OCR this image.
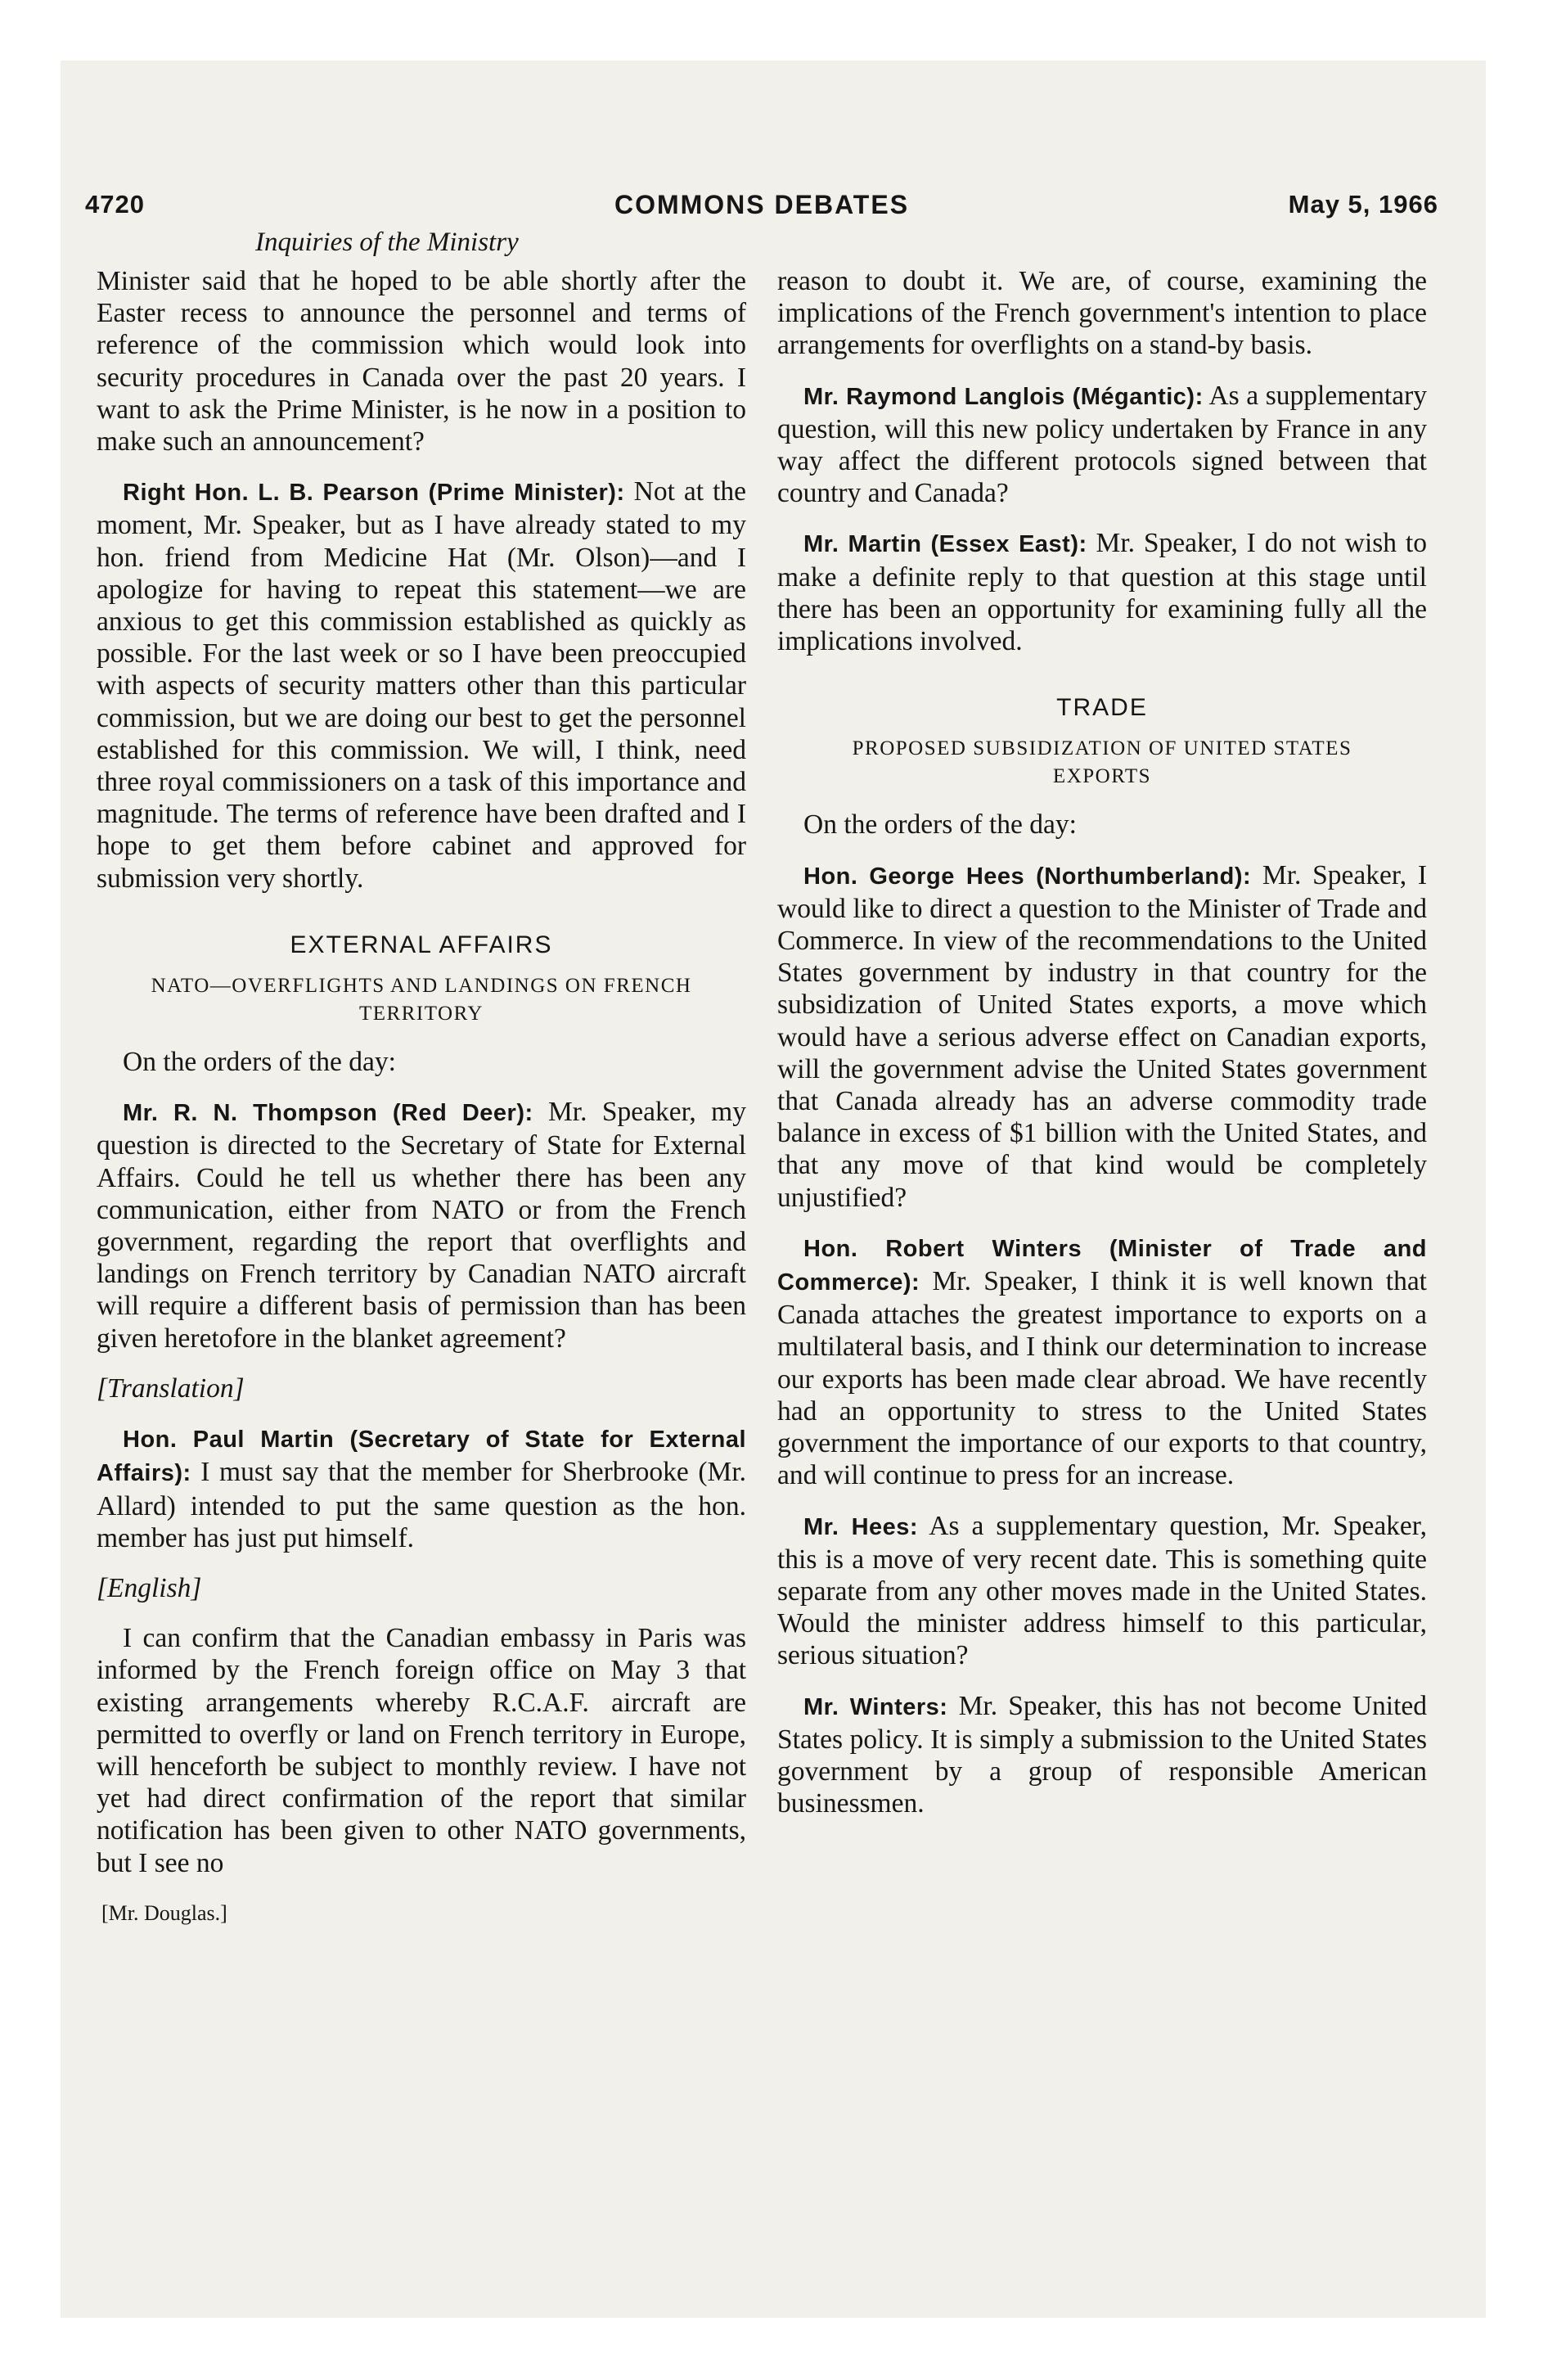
4720	COMMONS DEBATES	May 5, 1966
Inquiries of the Ministry

Minister said that he hoped to be able shortly after the Easter recess to announce the personnel and terms of reference of the commission which would look into security procedures in Canada over the past 20 years. I want to ask the Prime Minister, is he now in a position to make such an announcement?

Right Hon. L. B. Pearson (Prime Minister): Not at the moment, Mr. Speaker, but as I have already stated to my hon. friend from Medicine Hat (Mr. Olson)—and I apologize for having to repeat this statement—we are anxious to get this commission established as quickly as possible. For the last week or so I have been preoccupied with aspects of security matters other than this particular commission, but we are doing our best to get the personnel established for this commission. We will, I think, need three royal commissioners on a task of this importance and magnitude. The terms of reference have been drafted and I hope to get them before cabinet and approved for submission very shortly.

EXTERNAL AFFAIRS
NATO—OVERFLIGHTS AND LANDINGS ON FRENCH TERRITORY

On the orders of the day:

Mr. R. N. Thompson (Red Deer): Mr. Speaker, my question is directed to the Secretary of State for External Affairs. Could he tell us whether there has been any communication, either from NATO or from the French government, regarding the report that overflights and landings on French territory by Canadian NATO aircraft will require a different basis of permission than has been given heretofore in the blanket agreement?

[Translation]

Hon. Paul Martin (Secretary of State for External Affairs): I must say that the member for Sherbrooke (Mr. Allard) intended to put the same question as the hon. member has just put himself.

[English]

I can confirm that the Canadian embassy in Paris was informed by the French foreign office on May 3 that existing arrangements whereby R.C.A.F. aircraft are permitted to overfly or land on French territory in Europe, will henceforth be subject to monthly review. I have not yet had direct confirmation of the report that similar notification has been given to other NATO governments, but I see no

[Mr. Douglas.]

reason to doubt it. We are, of course, examining the implications of the French government's intention to place arrangements for overflights on a stand-by basis.

Mr. Raymond Langlois (Mégantic): As a supplementary question, will this new policy undertaken by France in any way affect the different protocols signed between that country and Canada?

Mr. Martin (Essex East): Mr. Speaker, I do not wish to make a definite reply to that question at this stage until there has been an opportunity for examining fully all the implications involved.

TRADE
PROPOSED SUBSIDIZATION OF UNITED STATES EXPORTS

On the orders of the day:

Hon. George Hees (Northumberland): Mr. Speaker, I would like to direct a question to the Minister of Trade and Commerce. In view of the recommendations to the United States government by industry in that country for the subsidization of United States exports, a move which would have a serious adverse effect on Canadian exports, will the government advise the United States government that Canada already has an adverse commodity trade balance in excess of $1 billion with the United States, and that any move of that kind would be completely unjustified?

Hon. Robert Winters (Minister of Trade and Commerce): Mr. Speaker, I think it is well known that Canada attaches the greatest importance to exports on a multilateral basis, and I think our determination to increase our exports has been made clear abroad. We have recently had an opportunity to stress to the United States government the importance of our exports to that country, and will continue to press for an increase.

Mr. Hees: As a supplementary question, Mr. Speaker, this is a move of very recent date. This is something quite separate from any other moves made in the United States. Would the minister address himself to this particular, serious situation?

Mr. Winters: Mr. Speaker, this has not become United States policy. It is simply a submission to the United States government by a group of responsible American businessmen.
